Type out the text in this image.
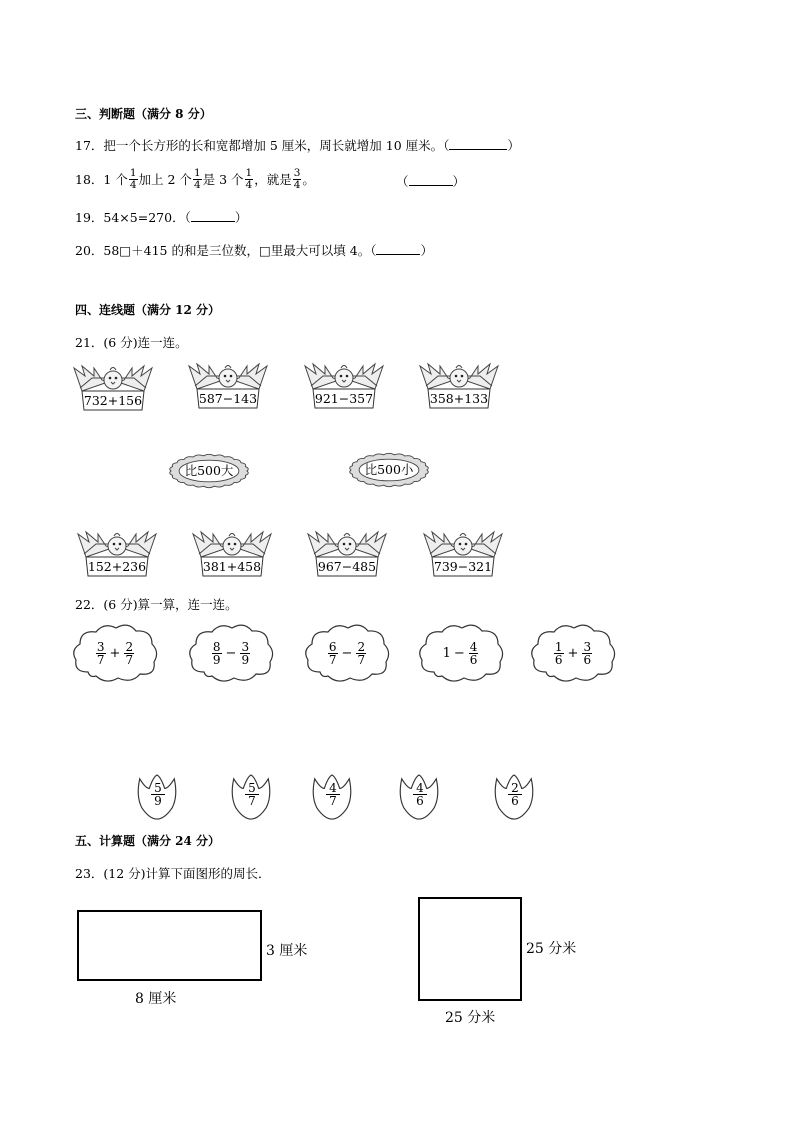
三、判断题（满分 8 分）
17．把一个长方形的长和宽都增加 5 厘米，周长就增加 10 厘米。（	）
18． 1 个 $\frac{1}{4}$ 加上 2 个 $\frac{1}{4}$ 是 3 个 $\frac{1}{4}$ ，就是 $\frac{3}{4}$ 。	（	）
19．54×5=270．（	）
20．58□＋415 的和是三位数，□里最大可以填 4。（	）
四、连线题（满分 12 分）
21．(6 分)连一连。
732+156	587−143	921−357	358+133
比500大	比500小
152+236	381+458	967−485	739−321
22．(6 分)算一算，连一连。
$\frac{3}{7} + \frac{2}{7}$	$\frac{8}{9} - \frac{3}{9}$	$\frac{6}{7} - \frac{2}{7}$	$1 - \frac{4}{6}$	$\frac{1}{6} + \frac{3}{6}$
$\frac{5}{9}$	$\frac{5}{7}$	$\frac{4}{7}$	$\frac{4}{6}$	$\frac{2}{6}$
五、计算题（满分 24 分）
23．(12 分)计算下面图形的周长．
3 厘米
8 厘米
25 分米
25 分米
